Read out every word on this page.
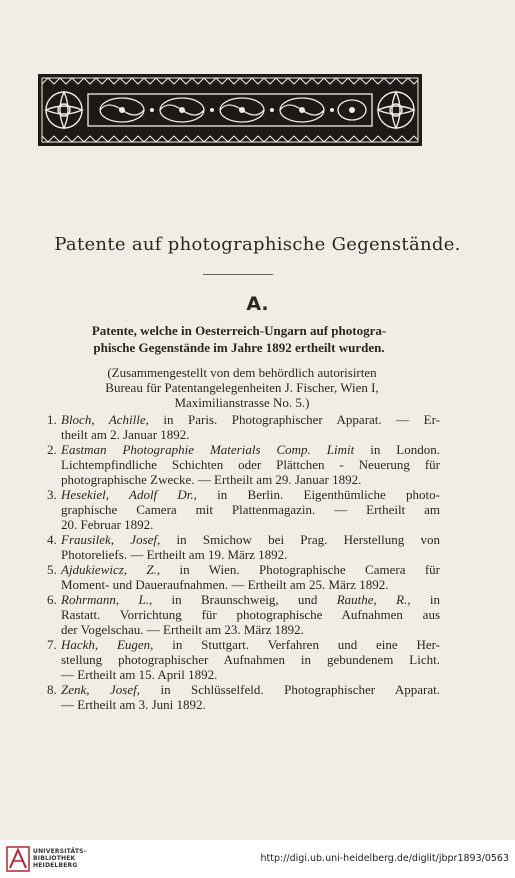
Patente auf photographische Gegenstände.
A.
Patente, welche in Oesterreich-Ungarn auf photogra-
phische Gegenstände im Jahre 1892 ertheilt wurden.
(Zusammengestellt von dem behördlich autorisirten
Bureau für Patentangelegenheiten J. Fischer, Wien I,
Maximilianstrasse No. 5.)
1. Bloch, Achille, in Paris. Photographischer Apparat. — Er-
theilt am 2. Januar 1892.
2. Eastman Photographie Materials Comp. Limit in London.
Lichtempfindliche Schichten oder Plättchen - Neuerung für
photographische Zwecke. — Ertheilt am 29. Januar 1892.
3. Hesekiel, Adolf Dr., in Berlin. Eigenthümliche photo-
graphische Camera mit Plattenmagazin. — Ertheilt am
20. Februar 1892.
4. Frausilek, Josef, in Smichow bei Prag. Herstellung von
Photoreliefs. — Ertheilt am 19. März 1892.
5. Ajdukiewicz, Z., in Wien. Photographische Camera für
Moment- und Daueraufnahmen. — Ertheilt am 25. März 1892.
6. Rohrmann, L., in Braunschweig, und Rauthe, R., in
Rastatt. Vorrichtung für photographische Aufnahmen aus
der Vogelschau. — Ertheilt am 23. März 1892.
7. Hackh, Eugen, in Stuttgart. Verfahren und eine Her-
stellung photographischer Aufnahmen in gebundenem Licht.
— Ertheilt am 15. April 1892.
8. Zenk, Josef, in Schlüsselfeld. Photographischer Apparat.
— Ertheilt am 3. Juni 1892.
UNIVERSITÄTS-
BIBLIOTHEK
HEIDELBERG
http://digi.ub.uni-heidelberg.de/diglit/jbpr1893/0563
